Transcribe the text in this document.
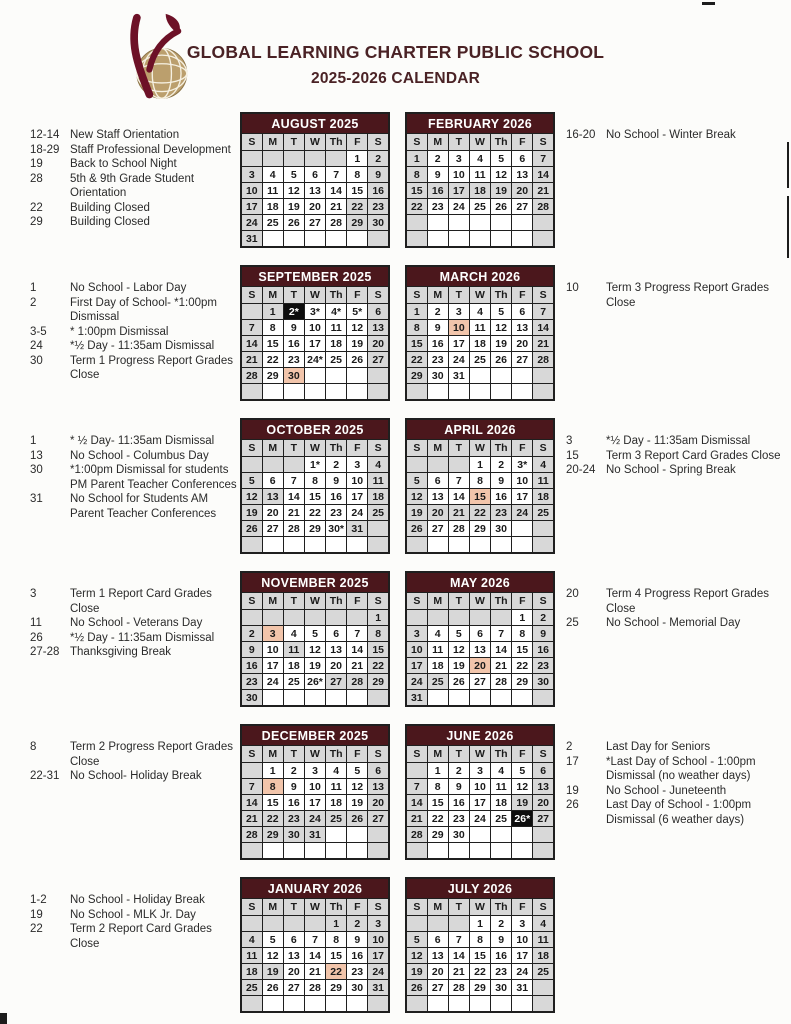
GLOBAL LEARNING CHARTER PUBLIC SCHOOL
2025-2026 CALENDAR
12-14 New Staff Orientation
18-29 Staff Professional Development
19	Back to School Night
28	5th & 9th Grade Student Orientation
22	Building Closed
29	Building Closed
AUGUST 2025						
S	M	T	W	Th	F	S
					1	2
3	4	5	6	7	8	9
10	11	12	13	14	15	16
17	18	19	20	21	22	23
24	25	26	27	28	29	30
31						
FEBRUARY 2026						
S	M	T	W	Th	F	S
1	2	3	4	5	6	7
8	9	10	11	12	13	14
15	16	17	18	19	20	21
22	23	24	25	26	27	28

16-20 No School - Winter Break
1	No School - Labor Day
2	First Day of School- *1:00pm Dismissal
3-5	* 1:00pm Dismissal
24	*½ Day - 11:35am Dismissal
30	Term 1 Progress Report Grades Close
SEPTEMBER 2025						
S	M	T	W	Th	F	S
	1	2*	3*	4*	5*	6
7	8	9	10	11	12	13
14	15	16	17	18	19	20
21	22	23	24*	25	26	27
28	29	30				

MARCH 2026						
S	M	T	W	Th	F	S
1	2	3	4	5	6	7
8	9	10	11	12	13	14
15	16	17	18	19	20	21
22	23	24	25	26	27	28
29	30	31				

10	Term 3 Progress Report Grades Close
1	* ½ Day- 11:35am Dismissal
13	No School - Columbus Day
30	*1:00pm Dismissal for students PM Parent Teacher Conferences
31	No School for Students AM Parent Teacher Conferences
OCTOBER 2025						
S	M	T	W	Th	F	S
			1*	2	3	4
5	6	7	8	9	10	11
12	13	14	15	16	17	18
19	20	21	22	23	24	25
26	27	28	29	30*	31	

APRIL 2026						
S	M	T	W	Th	F	S
			1	2	3*	4
5	6	7	8	9	10	11
12	13	14	15	16	17	18
19	20	21	22	23	24	25
26	27	28	29	30		

3	*½ Day - 11:35am Dismissal
15	Term 3 Report Card Grades Close
20-24 No School - Spring Break
3	Term 1 Report Card Grades Close
11	No School - Veterans Day
26	*½ Day - 11:35am Dismissal
27-28 Thanksgiving Break
NOVEMBER 2025						
S	M	T	W	Th	F	S
						1
2	3	4	5	6	7	8
9	10	11	12	13	14	15
16	17	18	19	20	21	22
23	24	25	26*	27	28	29
30						
MAY 2026						
S	M	T	W	Th	F	S
					1	2
3	4	5	6	7	8	9
10	11	12	13	14	15	16
17	18	19	20	21	22	23
24	25	26	27	28	29	30
31						
20	Term 4 Progress Report Grades Close
25	No School - Memorial Day
8	Term 2 Progress Report Grades Close
22-31 No School- Holiday Break
DECEMBER 2025						
S	M	T	W	Th	F	S
	1	2	3	4	5	6
7	8	9	10	11	12	13
14	15	16	17	18	19	20
21	22	23	24	25	26	27
28	29	30	31			

JUNE 2026						
S	M	T	W	Th	F	S
	1	2	3	4	5	6
7	8	9	10	11	12	13
14	15	16	17	18	19	20
21	22	23	24	25	26*	27
28	29	30				

2	Last Day for Seniors
17	*Last Day of School - 1:00pm Dismissal (no weather days)
19	No School - Juneteenth
26	Last Day of School - 1:00pm Dismissal (6 weather days)
1-2	No School - Holiday Break
19	No School - MLK Jr. Day
22	Term 2 Report Card Grades Close
JANUARY 2026						
S	M	T	W	Th	F	S
				1	2	3
4	5	6	7	8	9	10
11	12	13	14	15	16	17
18	19	20	21	22	23	24
25	26	27	28	29	30	31

JULY 2026						
S	M	T	W	Th	F	S
			1	2	3	4
5	6	7	8	9	10	11
12	13	14	15	16	17	18
19	20	21	22	23	24	25
26	27	28	29	30	31	
